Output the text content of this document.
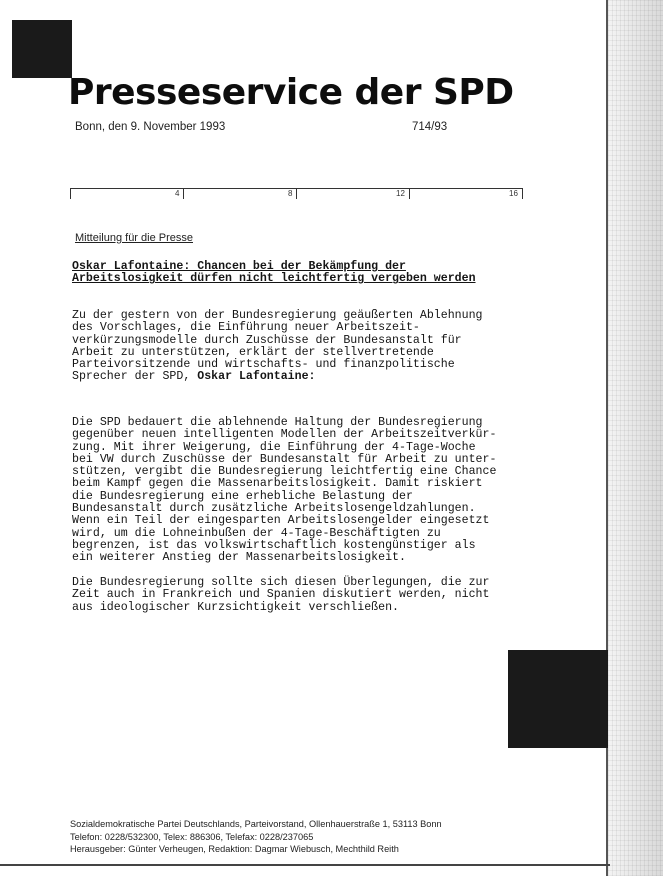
Presseservice der SPD
Bonn, den 9. November 1993	714/93
4	8	12	16
Mitteilung für die Presse
Oskar Lafontaine: Chancen bei der Bekämpfung der
Arbeitslosigkeit dürfen nicht leichtfertig vergeben werden

Zu der gestern von der Bundesregierung geäußerten Ablehnung
des Vorschlages, die Einführung neuer Arbeitszeit-
verkürzungsmodelle durch Zuschüsse der Bundesanstalt für
Arbeit zu unterstützen, erklärt der stellvertretende
Parteivorsitzende und wirtschafts- und finanzpolitische
Sprecher der SPD, Oskar Lafontaine:

Die SPD bedauert die ablehnende Haltung der Bundesregierung
gegenüber neuen intelligenten Modellen der Arbeitszeitverkür-
zung. Mit ihrer Weigerung, die Einführung der 4-Tage-Woche
bei VW durch Zuschüsse der Bundesanstalt für Arbeit zu unter-
stützen, vergibt die Bundesregierung leichtfertig eine Chance
beim Kampf gegen die Massenarbeitslosigkeit. Damit riskiert
die Bundesregierung eine erhebliche Belastung der
Bundesanstalt durch zusätzliche Arbeitslosengeldzahlungen.
Wenn ein Teil der eingesparten Arbeitslosengelder eingesetzt
wird, um die Lohneinbußen der 4-Tage-Beschäftigten zu
begrenzen, ist das volkswirtschaftlich kostengünstiger als
ein weiterer Anstieg der Massenarbeitslosigkeit.

Die Bundesregierung sollte sich diesen Überlegungen, die zur
Zeit auch in Frankreich und Spanien diskutiert werden, nicht
aus ideologischer Kurzsichtigkeit verschließen.

Sozialdemokratische Partei Deutschlands, Parteivorstand, Ollenhauerstraße 1, 53113 Bonn
Telefon: 0228/532300, Telex: 886306, Telefax: 0228/237065
Herausgeber: Günter Verheugen, Redaktion: Dagmar Wiebusch, Mechthild Reith
